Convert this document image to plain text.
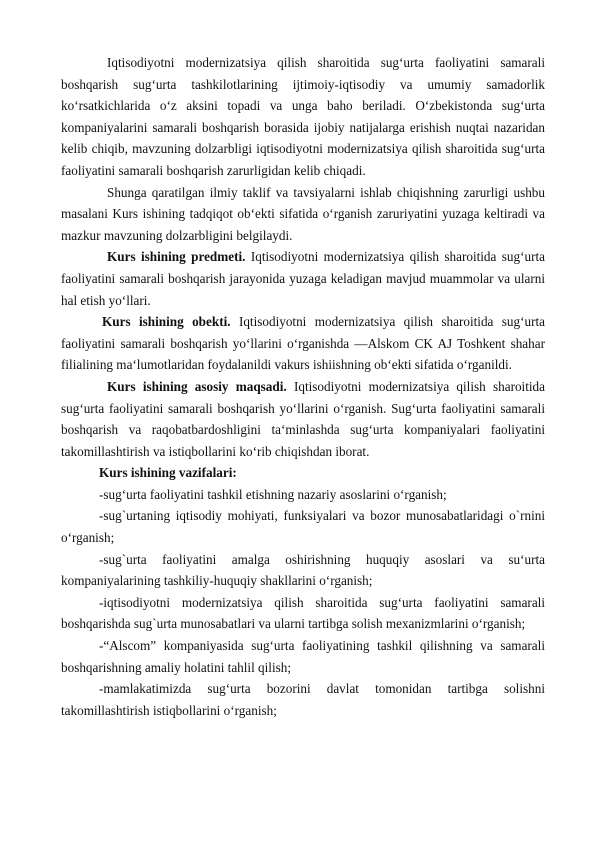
Iqtisodiyotni modernizatsiya qilish sharoitida sug‘urta faoliyatini samarali boshqarish sug‘urta tashkilotlarining ijtimoiy-iqtisodiy va umumiy samadorlik ko‘rsatkichlarida o‘z aksini topadi va unga baho beriladi. O‘zbekistonda sug‘urta kompaniyalarini samarali boshqarish borasida ijobiy natijalarga erishish nuqtai nazaridan kelib chiqib, mavzuning dolzarbligi iqtisodiyotni modernizatsiya qilish sharoitida sug‘urta faoliyatini samarali boshqarish zarurligidan kelib chiqadi.

Shunga qaratilgan ilmiy taklif va tavsiyalarni ishlab chiqishning zarurligi ushbu masalani Kurs ishining tadqiqot ob‘ekti sifatida o‘rganish zaruriyatini yuzaga keltiradi va mazkur mavzuning dolzarbligini belgilaydi.

Kurs ishining predmeti. Iqtisodiyotni modernizatsiya qilish sharoitida sug‘urta faoliyatini samarali boshqarish jarayonida yuzaga keladigan mavjud muammolar va ularni hal etish yo‘llari.

Kurs ishining obekti. Iqtisodiyotni modernizatsiya qilish sharoitida sug‘urta faoliyatini samarali boshqarish yo‘llarini o‘rganishda ―Alskom CK AJ Toshkent shahar filialining ma‘lumotlaridan foydalanildi vakurs ishiishning ob‘ekti sifatida o‘rganildi.

Kurs ishining asosiy maqsadi. Iqtisodiyotni modernizatsiya qilish sharoitida sug‘urta faoliyatini samarali boshqarish yo‘llarini o‘rganish. Sug‘urta faoliyatini samarali boshqarish va raqobatbardoshligini ta‘minlashda sug‘urta kompaniyalari faoliyatini takomillashtirish va istiqbollarini ko‘rib chiqishdan iborat.

Kurs ishining vazifalari:

-sug‘urta faoliyatini tashkil etishning nazariy asoslarini o‘rganish;

-sug`urtaning iqtisodiy mohiyati, funksiyalari va bozor munosabatlaridagi o`rnini o‘rganish;

-sug`urta faoliyatini amalga oshirishning huquqiy asoslari va su‘urta kompaniyalarining tashkiliy-huquqiy shakllarini o‘rganish;

-iqtisodiyotni modernizatsiya qilish sharoitida sug‘urta faoliyatini samarali boshqarishda sug`urta munosabatlari va ularni tartibga solish mexanizmlarini o‘rganish;

-“Alscom” kompaniyasida sug‘urta faoliyatining tashkil qilishning va samarali boshqarishning amaliy holatini tahlil qilish;

-mamlakatimizda sug‘urta bozorini davlat tomonidan tartibga solishni takomillashtirish istiqbollarini o‘rganish;
